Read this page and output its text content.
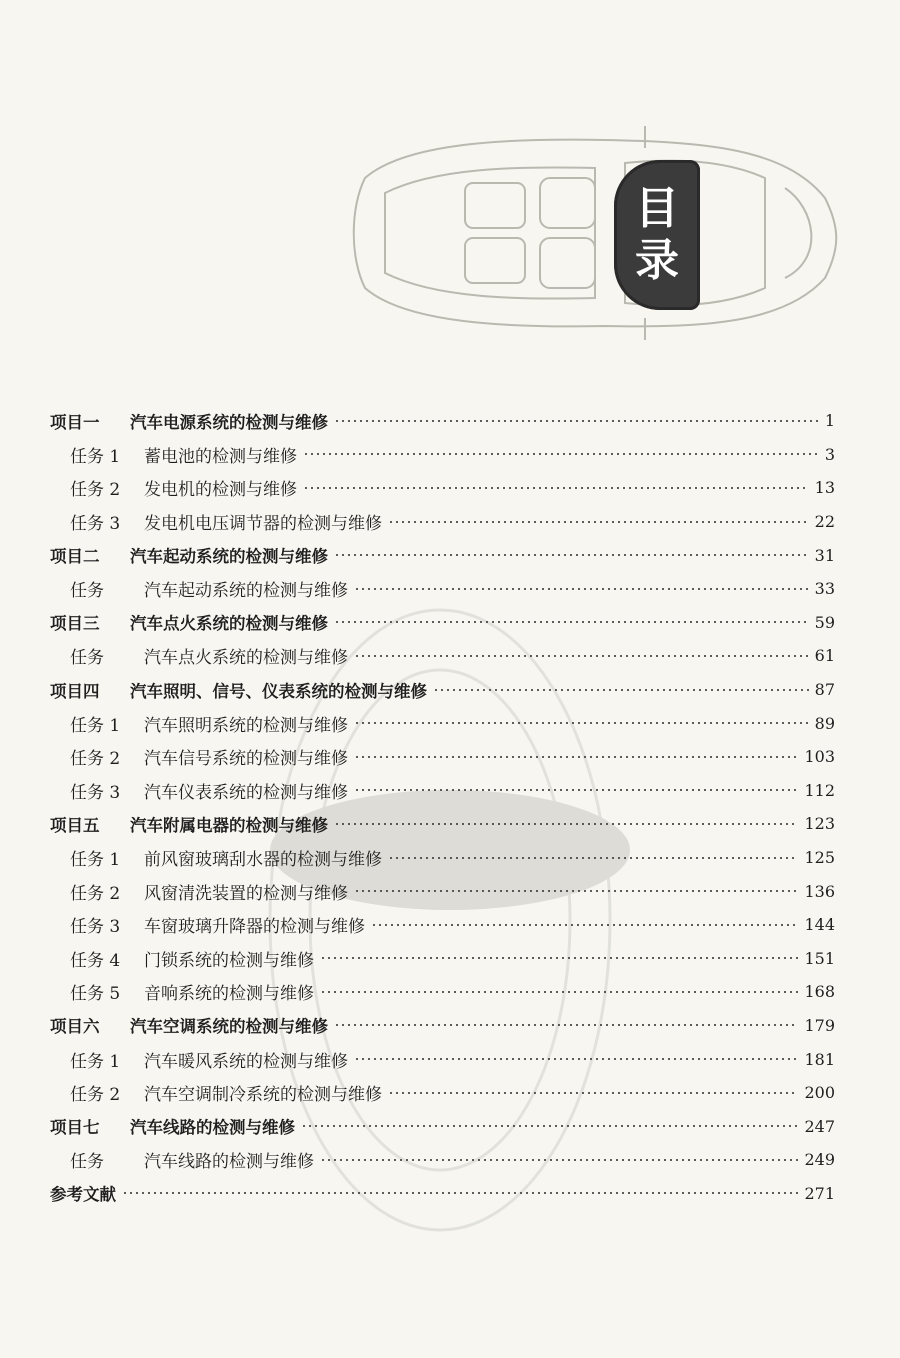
目
录
项目一	汽车电源系统的检测与维修	1
任务 1	蓄电池的检测与维修	3
任务 2	发电机的检测与维修	13
任务 3	发电机电压调节器的检测与维修	22
项目二	汽车起动系统的检测与维修	31
任务	汽车起动系统的检测与维修	33
项目三	汽车点火系统的检测与维修	59
任务	汽车点火系统的检测与维修	61
项目四	汽车照明、信号、仪表系统的检测与维修	87
任务 1	汽车照明系统的检测与维修	89
任务 2	汽车信号系统的检测与维修	103
任务 3	汽车仪表系统的检测与维修	112
项目五	汽车附属电器的检测与维修	123
任务 1	前风窗玻璃刮水器的检测与维修	125
任务 2	风窗清洗装置的检测与维修	136
任务 3	车窗玻璃升降器的检测与维修	144
任务 4	门锁系统的检测与维修	151
任务 5	音响系统的检测与维修	168
项目六	汽车空调系统的检测与维修	179
任务 1	汽车暖风系统的检测与维修	181
任务 2	汽车空调制冷系统的检测与维修	200
项目七	汽车线路的检测与维修	247
任务	汽车线路的检测与维修	249
参考文献	271
